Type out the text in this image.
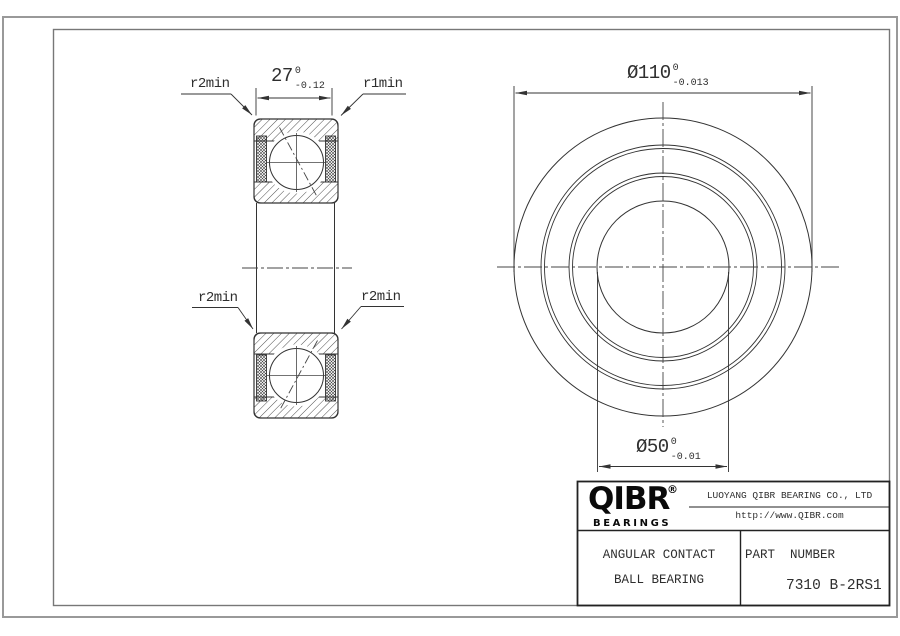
27 0
-0.12
Ø110 0
-0.013
Ø50 0
-0.01
r2min	r1min
r2min	r2min
QIBR
®
BEARINGS
LUOYANG QIBR BEARING CO., LTD
http://www.QIBR.com
ANGULAR CONTACT
BALL BEARING
PART  NUMBER
7310 B-2RS1
